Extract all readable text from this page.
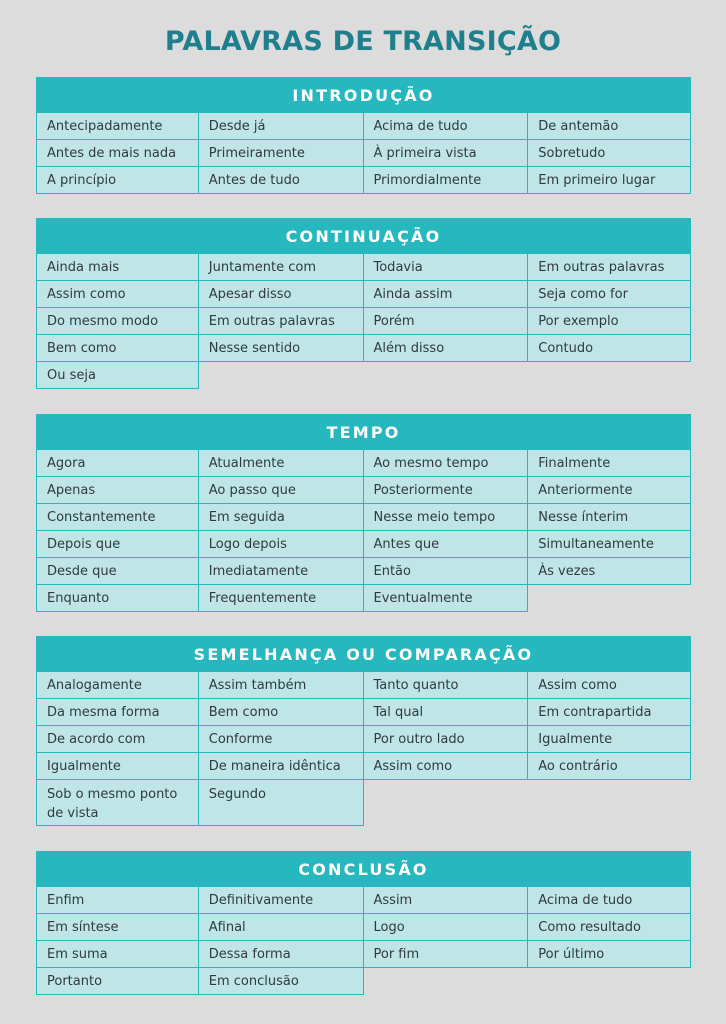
PALAVRAS DE TRANSIÇÃO
INTRODUÇÃO
Antecipadamente
Antes de mais nada
A princípio
Desde já
Primeiramente
Antes de tudo
Acima de tudo
À primeira vista
Primordialmente
De antemão
Sobretudo
Em primeiro lugar
CONTINUAÇÃO
Ainda mais
Assim como
Do mesmo modo
Bem como
Ou seja
Juntamente com
Apesar disso
Em outras palavras
Nesse sentido
Todavia
Ainda assim
Porém
Além disso
Em outras palavras
Seja como for
Por exemplo
Contudo
TEMPO
Agora
Apenas
Constantemente
Depois que
Desde que
Enquanto
Atualmente
Ao passo que
Em seguida
Logo depois
Imediatamente
Frequentemente
Ao mesmo tempo
Posteriormente
Nesse meio tempo
Antes que
Então
Eventualmente
Finalmente
Anteriormente
Nesse ínterim
Simultaneamente
Às vezes
SEMELHANÇA OU COMPARAÇÃO
Analogamente
Da mesma forma
De acordo com
Igualmente
Sob o mesmo ponto de vista
Assim também
Bem como
Conforme
De maneira idêntica
Segundo
Tanto quanto
Tal qual
Por outro lado
Assim como
Assim como
Em contrapartida
Igualmente
Ao contrário
CONCLUSÃO
Enfim
Em síntese
Em suma
Portanto
Definitivamente
Afinal
Dessa forma
Em conclusão
Assim
Logo
Por fim
Acima de tudo
Como resultado
Por último
